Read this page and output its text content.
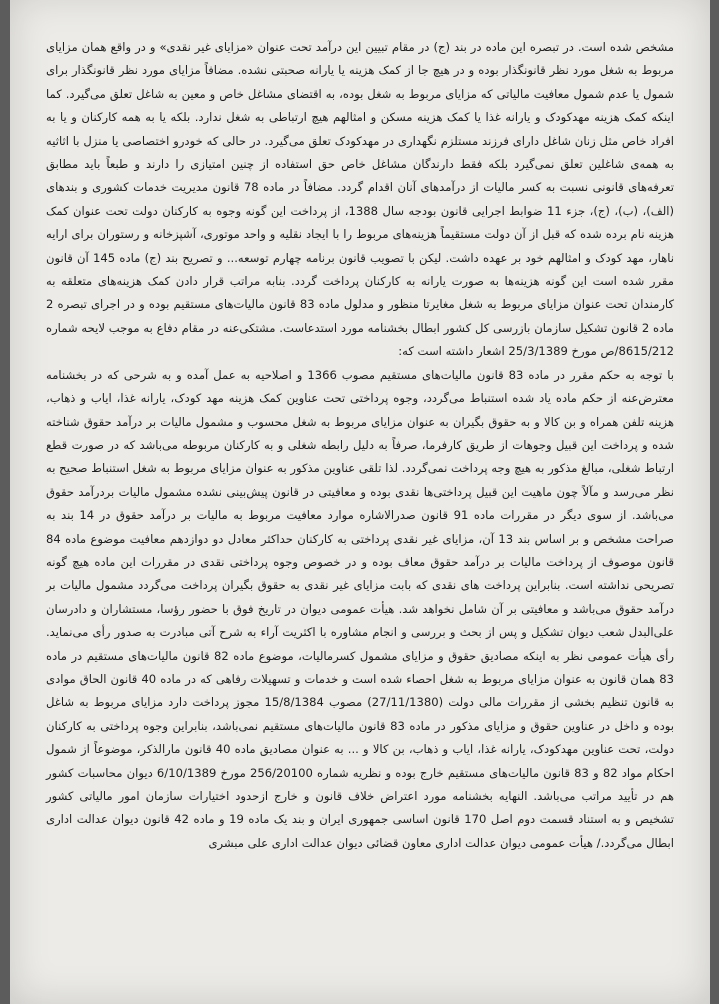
مشخص شده است. در تبصره این ماده در بند (ج) در مقام تبیین این درآمد تحت عنوان «مزایای غیر نقدی» و در واقع همان مزایای مربوط به شغل مورد نظر قانونگذار بوده و در هیچ جا از کمک هزینه یا یارانه صحبتی نشده. مضافاً مزایای مورد نظر قانونگذار برای شمول یا عدم شمول معافیت مالیاتی که مزایای مربوط به شغل بوده، به اقتضای مشاغل خاص و معین به شاغل تعلق می‌گیرد. کما اینکه کمک هزینه مهدکودک و یارانه غذا یا کمک هزینه مسکن و امثالهم هیچ ارتباطی به شغل ندارد. بلکه یا به همه کارکنان و یا به افراد خاص مثل زنان شاغل دارای فرزند مستلزم نگهداری در مهدکودک تعلق می‌گیرد. در حالی که خودرو اختصاصی یا منزل با اثاثیه به همه‌ی شاغلین تعلق نمی‌گیرد بلکه فقط دارندگان مشاغل خاص حق استفاده از چنین امتیازی را دارند و طبعاً باید مطابق تعرفه‌های قانونی نسبت به کسر مالیات از درآمدهای آنان اقدام گردد. مضافاً در ماده 78 قانون مدیریت خدمات کشوری و بندهای (الف)، (ب)، (ج)، جزء 11 ضوابط اجرایی قانون بودجه سال 1388، از پرداخت این گونه وجوه به کارکنان دولت تحت عنوان کمک هزینه نام برده شده که قبل از آن دولت مستقیماً هزینه‌های مربوط را با ایجاد نقلیه و واحد موتوری، آشپزخانه و رستوران برای ارایه ناهار، مهد کودک و امثالهم خود بر عهده داشت. لیکن با تصویب قانون برنامه چهارم توسعه... و تصریح بند (ج) ماده 145 آن قانون مقرر شده است این گونه هزینه‌ها به صورت یارانه به کارکنان پرداخت گردد. بنابه مراتب قرار دادن کمک هزینه‌های متعلقه به کارمندان تحت عنوان مزایای مربوط به شغل مغایرتا منظور و مدلول ماده 83 قانون مالیات‌های مستقیم بوده و در اجرای تبصره 2 ماده 2 قانون تشکیل سازمان بازرسی کل کشور ابطال بخشنامه مورد استدعاست. مشتکی‌عنه در مقام دفاع به موجب لایحه شماره 8615/212/ص مورخ 25/3/1389 اشعار داشته است که:

با توجه به حکم مقرر در ماده 83 قانون مالیات‌های مستقیم مصوب 1366 و اصلاحیه به عمل آمده و به شرحی که در بخشنامه معترض‌عنه از حکم ماده یاد شده استنباط می‌گردد، وجوه پرداختی تحت عناوین کمک هزینه مهد کودک، یارانه غذا، ایاب و ذهاب، هزینه تلفن همراه و بن کالا و به حقوق بگیران به عنوان مزایای مربوط به شغل محسوب و مشمول مالیات بر درآمد حقوق شناخته شده و پرداخت این قبیل وجوهات از طریق کارفرما، صرفاً به دلیل رابطه شغلی و به کارکنان مربوطه می‌باشد که در صورت قطع ارتباط شغلی، مبالغ مذکور به هیچ وجه پرداخت نمی‌گردد. لذا تلقی عناوین مذکور به عنوان مزایای مربوط به شغل استنباط صحیح به نظر می‌رسد و مآلاً چون ماهیت این قبیل پرداختی‌ها نقدی بوده و معافیتی در قانون پیش‌بینی نشده مشمول مالیات بردرآمد حقوق می‌باشد. از سوی دیگر در مقررات ماده 91 قانون صدرالاشاره موارد معافیت مربوط به مالیات بر درآمد حقوق در 14 بند به صراحت مشخص و بر اساس بند 13 آن، مزایای غیر نقدی پرداختی به کارکنان حداکثر معادل دو دوازدهم معافیت موضوع ماده 84 قانون موصوف از پرداخت مالیات بر درآمد حقوق معاف بوده و در خصوص وجوه پرداختی نقدی در مقررات این ماده هیچ گونه تصریحی نداشته است. بنابراین پرداخت های نقدی که بابت مزایای غیر نقدی به حقوق بگیران پرداخت می‌گردد مشمول مالیات بر درآمد حقوق می‌باشد و معافیتی بر آن شامل نخواهد شد. هیأت عمومی دیوان در تاریخ فوق با حضور رؤسا، مستشاران و دادرسان علی‌البدل شعب دیوان تشکیل و پس از بحث و بررسی و انجام مشاوره با اکثریت آراء به شرح آتی مبادرت به صدور رأی می‌نماید. رأی هیأت عمومی نظر به اینکه مصادیق حقوق و مزایای مشمول کسرمالیات، موضوع ماده 82 قانون مالیات‌های مستقیم در ماده 83 همان قانون به عنوان مزایای مربوط به شغل احصاء شده است و خدمات و تسهیلات رفاهی که در ماده 40 قانون الحاق موادی به قانون تنظیم بخشی از مقررات مالی دولت (27/11/1380) مصوب 15/8/1384 مجوز پرداخت دارد مزایای مربوط به شاغل بوده و داخل در عناوین حقوق و مزایای مذکور در ماده 83 قانون مالیات‌های مستقیم نمی‌باشد، بنابراین وجوه پرداختی به کارکنان دولت، تحت عناوین مهدکودک، یارانه غذا، ایاب و ذهاب، بن کالا و ... به عنوان مصادیق ماده 40 قانون مارالذکر، موضوعاً از شمول احکام مواد 82 و 83 قانون مالیات‌های مستقیم خارج بوده و نظریه شماره 256/20100 مورخ 6/10/1389 دیوان محاسبات کشور هم در تأیید مراتب می‌باشد. النهایه بخشنامه مورد اعتراض خلاف قانون و خارج ازحدود اختیارات سازمان امور مالیاتی کشور تشخیص و به استناد قسمت دوم اصل 170 قانون اساسی جمهوری ایران و بند یک ماده 19 و ماده 42 قانون دیوان عدالت اداری ابطال می‌گردد./ هیأت عمومی دیوان عدالت اداری معاون قضائی دیوان عدالت اداری علی مبشری
